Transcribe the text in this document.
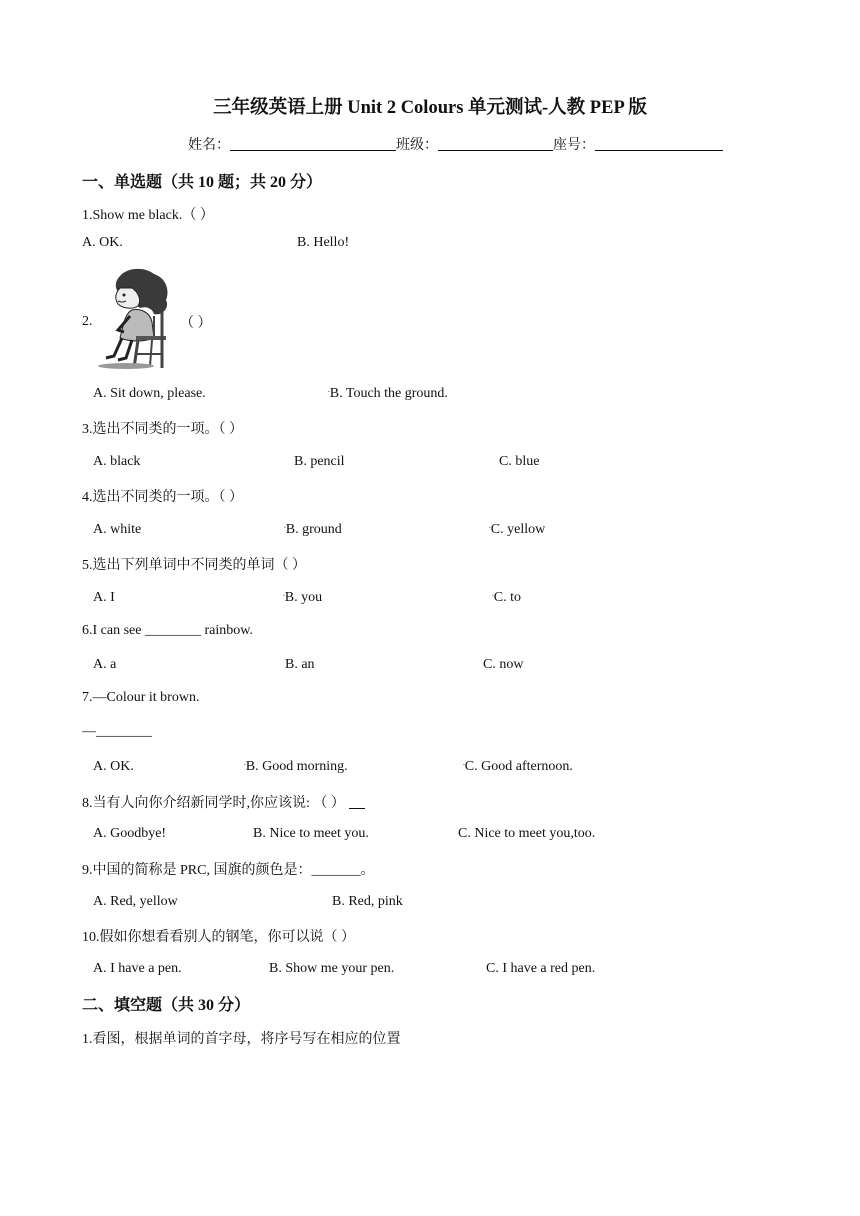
三年级英语上册 Unit 2 Colours 单元测试-人教 PEP 版
姓名：	班级：	座号：
一、单选题（共 10 题；共 20 分）
1.Show me black.（ ）
A. OK.	B. Hello!
2.	（ ）
A. Sit down, please.	▪B. Touch the ground.
3.选出不同类的一项。（ ）
A. black	B. pencil	C. blue
4.选出不同类的一项。（ ）
A. white	▪B. ground	▪C. yellow
5.选出下列单词中不同类的单词（ ）
A. I	▪B. you	▪C. to
6.I can see ________ rainbow.
A. a	B. an	C. now
7.—Colour it brown.
—________
A. OK.	▪B. Good morning.	▪C. Good afternoon.
8.当有人向你介绍新同学时,你应该说: （ ）
A. Goodbye!	B. Nice to meet you.	C. Nice to meet you,too.
9.中国的简称是 PRC, 国旗的颜色是：_______。
A. Red, yellow	B. Red, pink
10.假如你想看看别人的钢笔，你可以说（ ）
A. I have a pen.	B. Show me your pen.	C. I have a red pen.
二、填空题（共 30 分）
1.看图，根据单词的首字母，将序号写在相应的位置
